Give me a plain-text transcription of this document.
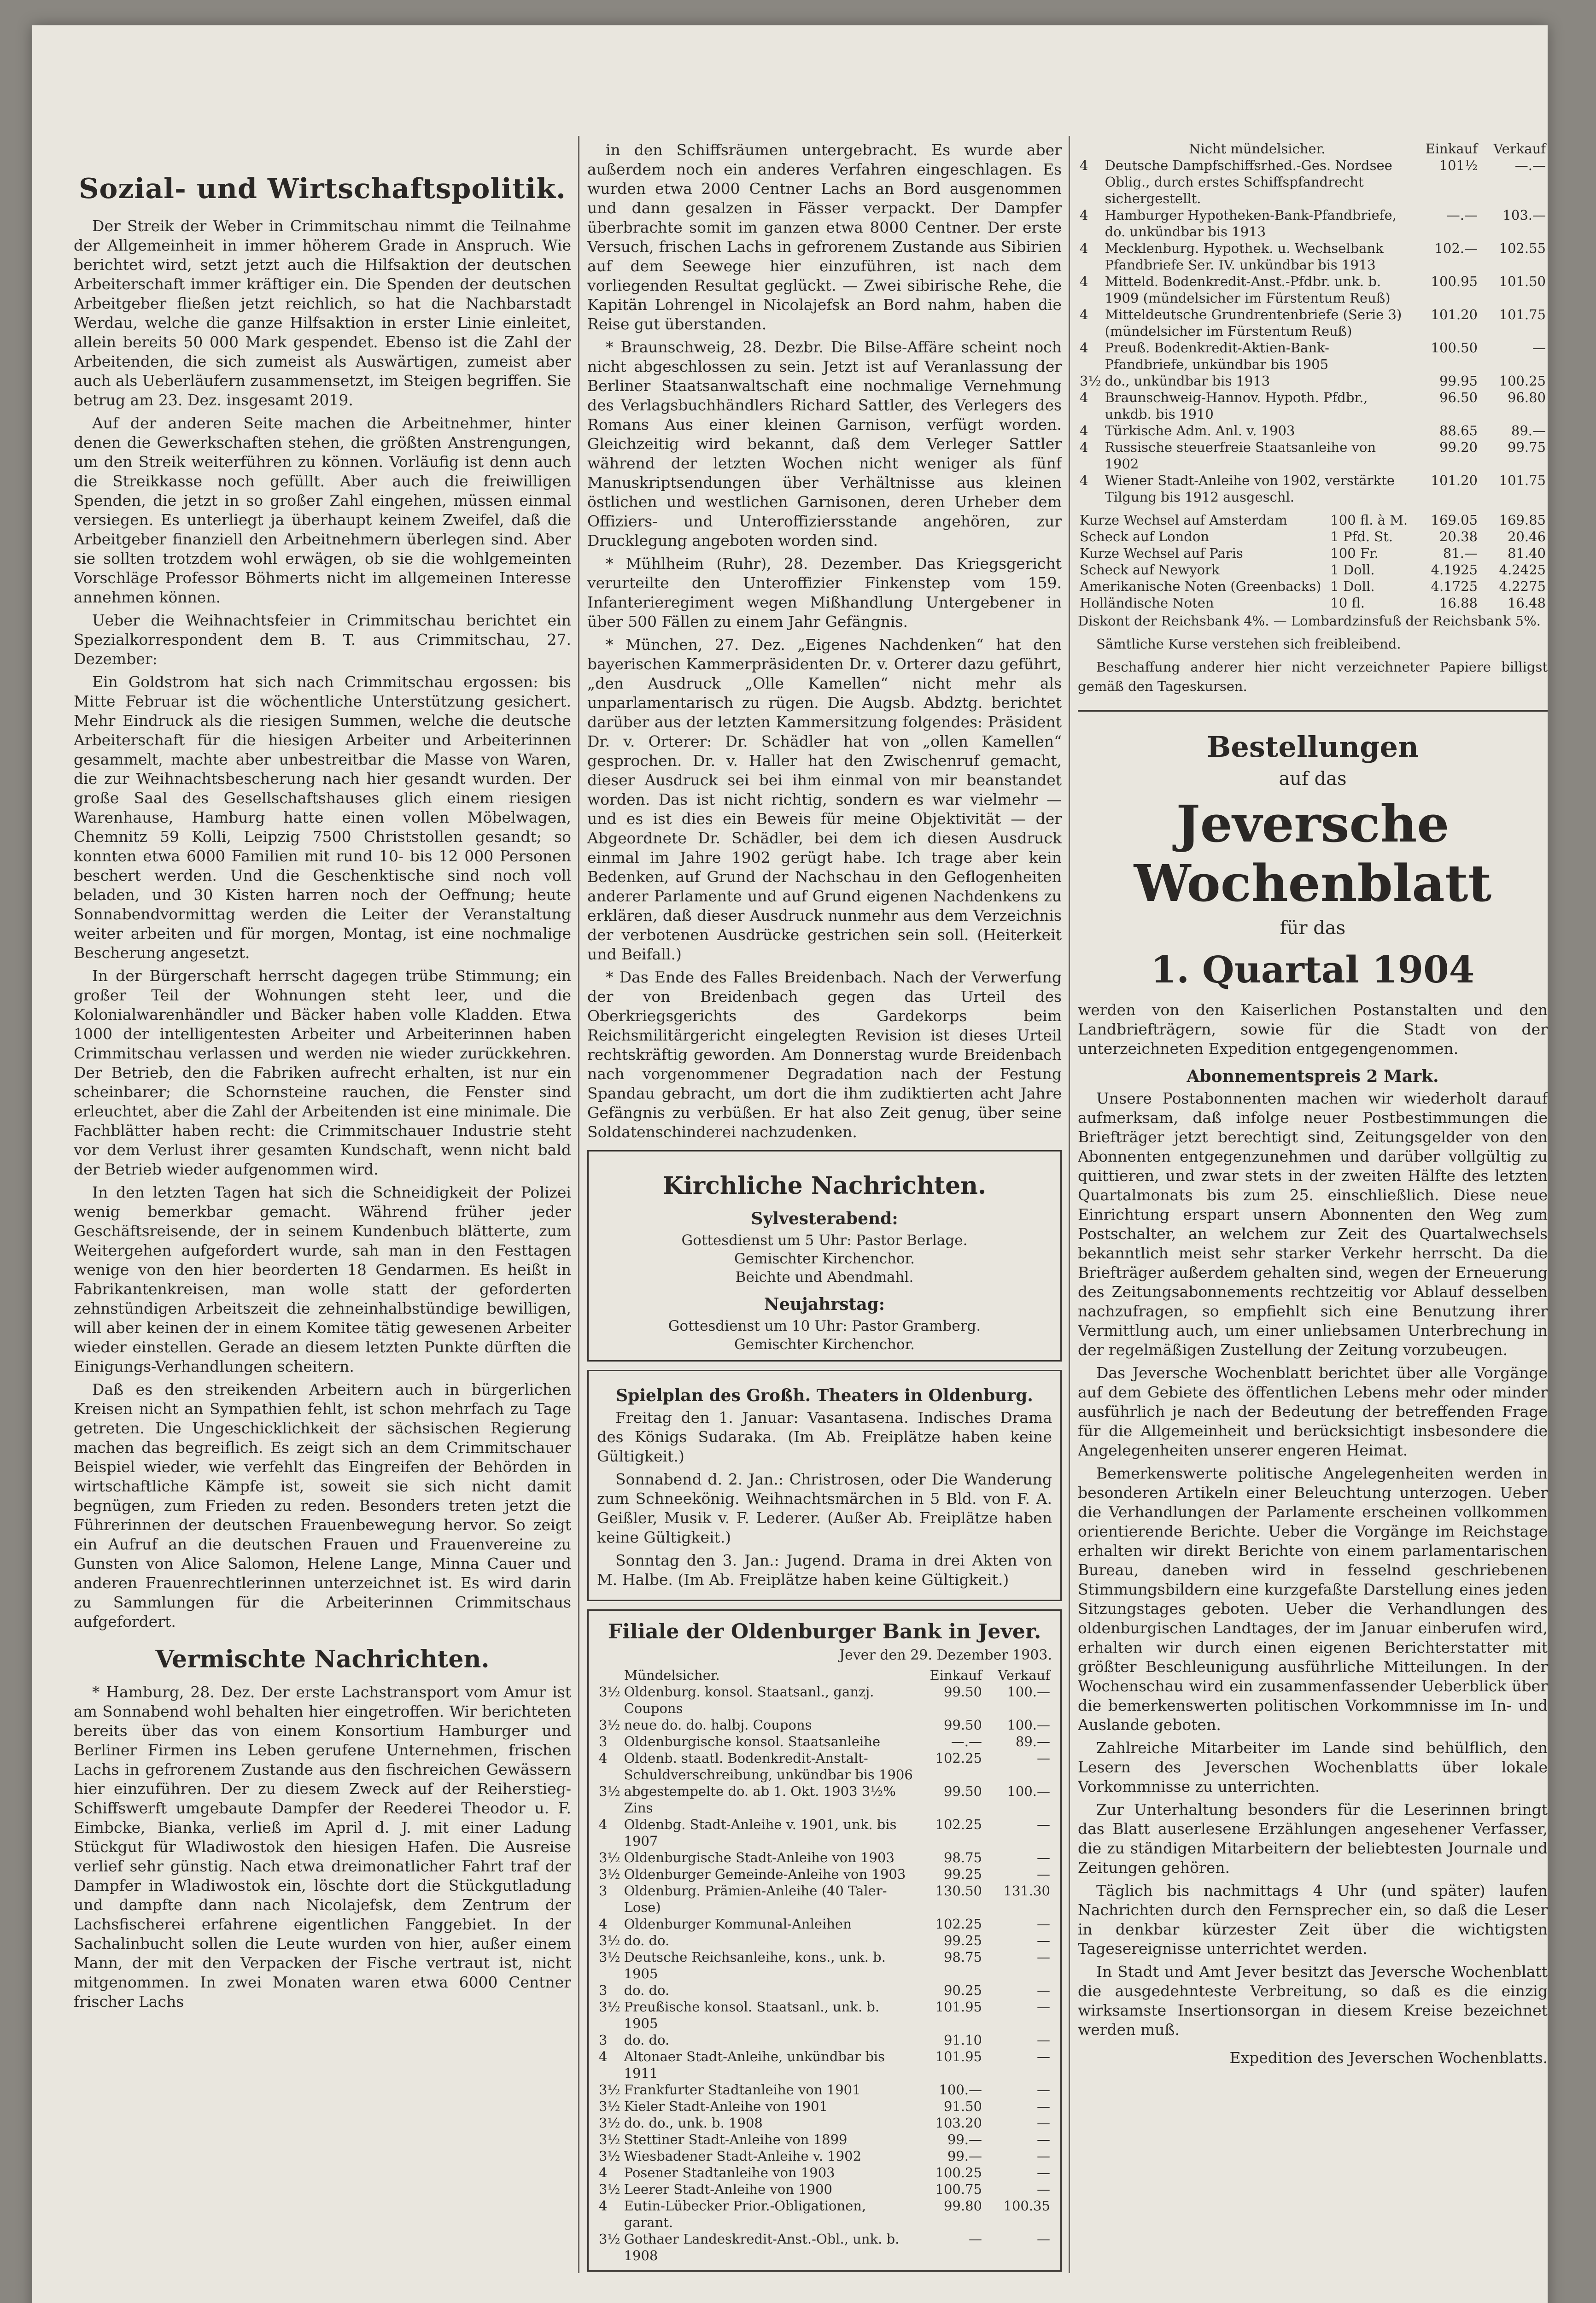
Sozial- und Wirtschaftspolitik.

Der Streik der Weber in Crimmitschau nimmt die Teilnahme der Allgemeinheit in immer höherem Grade in Anspruch. Wie berichtet wird, setzt jetzt auch die Hilfsaktion der deutschen Arbeiterschaft immer kräftiger ein. Die Spenden der deutschen Arbeitgeber fließen jetzt reichlich, so hat die Nachbarstadt Werdau, welche die ganze Hilfsaktion in erster Linie einleitet, allein bereits 50 000 Mark gespendet. Ebenso ist die Zahl der Arbeitenden, die sich zumeist als Auswärtigen, zumeist aber auch als Ueberläufern zusammensetzt, im Steigen begriffen. Sie betrug am 23. Dez. insgesamt 2019.

Auf der anderen Seite machen die Arbeitnehmer, hinter denen die Gewerkschaften stehen, die größten Anstrengungen, um den Streik weiterführen zu können. Vorläufig ist denn auch die Streikkasse noch gefüllt. Aber auch die freiwilligen Spenden, die jetzt in so großer Zahl eingehen, müssen einmal versiegen. Es unterliegt ja überhaupt keinem Zweifel, daß die Arbeitgeber finanziell den Arbeitnehmern überlegen sind. Aber sie sollten trotzdem wohl erwägen, ob sie die wohlgemeinten Vorschläge Professor Böhmerts nicht im allgemeinen Interesse annehmen können.

Ueber die Weihnachtsfeier in Crimmitschau berichtet ein Spezialkorrespondent dem B. T. aus Crimmitschau, 27. Dezember:

Ein Goldstrom hat sich nach Crimmitschau ergossen: bis Mitte Februar ist die wöchentliche Unterstützung gesichert. Mehr Eindruck als die riesigen Summen, welche die deutsche Arbeiterschaft für die hiesigen Arbeiter und Arbeiterinnen gesammelt, machte aber unbestreitbar die Masse von Waren, die zur Weihnachtsbescherung nach hier gesandt wurden. Der große Saal des Gesellschaftshauses glich einem riesigen Warenhause, Hamburg hatte einen vollen Möbelwagen, Chemnitz 59 Kolli, Leipzig 7500 Christstollen gesandt; so konnten etwa 6000 Familien mit rund 10- bis 12 000 Personen beschert werden. Und die Geschenktische sind noch voll beladen, und 30 Kisten harren noch der Oeffnung; heute Sonnabendvormittag werden die Leiter der Veranstaltung weiter arbeiten und für morgen, Montag, ist eine nochmalige Bescherung angesetzt.

In der Bürgerschaft herrscht dagegen trübe Stimmung; ein großer Teil der Wohnungen steht leer, und die Kolonialwarenhändler und Bäcker haben volle Kladden. Etwa 1000 der intelligentesten Arbeiter und Arbeiterinnen haben Crimmitschau verlassen und werden nie wieder zurückkehren. Der Betrieb, den die Fabriken aufrecht erhalten, ist nur ein scheinbarer; die Schornsteine rauchen, die Fenster sind erleuchtet, aber die Zahl der Arbeitenden ist eine minimale. Die Fachblätter haben recht: die Crimmitschauer Industrie steht vor dem Verlust ihrer gesamten Kundschaft, wenn nicht bald der Betrieb wieder aufgenommen wird.

In den letzten Tagen hat sich die Schneidigkeit der Polizei wenig bemerkbar gemacht. Während früher jeder Geschäftsreisende, der in seinem Kundenbuch blätterte, zum Weitergehen aufgefordert wurde, sah man in den Festtagen wenige von den hier beorderten 18 Gendarmen. Es heißt in Fabrikantenkreisen, man wolle statt der geforderten zehnstündigen Arbeitszeit die zehneinhalbstündige bewilligen, will aber keinen der in einem Komitee tätig gewesenen Arbeiter wieder einstellen. Gerade an diesem letzten Punkte dürften die Einigungs-Verhandlungen scheitern.

Daß es den streikenden Arbeitern auch in bürgerlichen Kreisen nicht an Sympathien fehlt, ist schon mehrfach zu Tage getreten. Die Ungeschicklichkeit der sächsischen Regierung machen das begreiflich. Es zeigt sich an dem Crimmitschauer Beispiel wieder, wie verfehlt das Eingreifen der Behörden in wirtschaftliche Kämpfe ist, soweit sie sich nicht damit begnügen, zum Frieden zu reden. Besonders treten jetzt die Führerinnen der deutschen Frauenbewegung hervor. So zeigt ein Aufruf an die deutschen Frauen und Frauenvereine zu Gunsten von Alice Salomon, Helene Lange, Minna Cauer und anderen Frauenrechtlerinnen unterzeichnet ist. Es wird darin zu Sammlungen für die Arbeiterinnen Crimmitschaus aufgefordert.

Vermischte Nachrichten.

* Hamburg, 28. Dez. Der erste Lachstransport vom Amur ist am Sonnabend wohl behalten hier eingetroffen. Wir berichteten bereits über das von einem Konsortium Hamburger und Berliner Firmen ins Leben gerufene Unternehmen, frischen Lachs in gefrorenem Zustande aus den fischreichen Gewässern hier einzuführen. Der zu diesem Zweck auf der Reiherstieg-Schiffswerft umgebaute Dampfer der Reederei Theodor u. F. Eimbcke, Bianka, verließ im April d. J. mit einer Ladung Stückgut für Wladiwostok den hiesigen Hafen. Die Ausreise verlief sehr günstig. Nach etwa dreimonatlicher Fahrt traf der Dampfer in Wladiwostok ein, löschte dort die Stückgutladung und dampfte dann nach Nicolajefsk, dem Zentrum der Lachsfischerei erfahrene eigentlichen Fanggebiet. In der Sachalinbucht sollen die Leute wurden von hier, außer einem Mann, der mit den Verpacken der Fische vertraut ist, nicht mitgenommen. In zwei Monaten waren etwa 6000 Centner frischer Lachs

in den Schiffsräumen untergebracht. Es wurde aber außerdem noch ein anderes Verfahren eingeschlagen. Es wurden etwa 2000 Centner Lachs an Bord ausgenommen und dann gesalzen in Fässer verpackt. Der Dampfer überbrachte somit im ganzen etwa 8000 Centner. Der erste Versuch, frischen Lachs in gefrorenem Zustande aus Sibirien auf dem Seewege hier einzuführen, ist nach dem vorliegenden Resultat geglückt. — Zwei sibirische Rehe, die Kapitän Lohrengel in Nicolajefsk an Bord nahm, haben die Reise gut überstanden.

* Braunschweig, 28. Dezbr. Die Bilse-Affäre scheint noch nicht abgeschlossen zu sein. Jetzt ist auf Veranlassung der Berliner Staatsanwaltschaft eine nochmalige Vernehmung des Verlagsbuchhändlers Richard Sattler, des Verlegers des Romans Aus einer kleinen Garnison, verfügt worden. Gleichzeitig wird bekannt, daß dem Verleger Sattler während der letzten Wochen nicht weniger als fünf Manuskriptsendungen über Verhältnisse aus kleinen östlichen und westlichen Garnisonen, deren Urheber dem Offiziers- und Unteroffiziersstande angehören, zur Drucklegung angeboten worden sind.

* Mühlheim (Ruhr), 28. Dezember. Das Kriegsgericht verurteilte den Unteroffizier Finkenstep vom 159. Infanterieregiment wegen Mißhandlung Untergebener in über 500 Fällen zu einem Jahr Gefängnis.

* München, 27. Dez. „Eigenes Nachdenken“ hat den bayerischen Kammerpräsidenten Dr. v. Orterer dazu geführt, „den Ausdruck „Olle Kamellen“ nicht mehr als unparlamentarisch zu rügen. Die Augsb. Abdztg. berichtet darüber aus der letzten Kammersitzung folgendes: Präsident Dr. v. Orterer: Dr. Schädler hat von „ollen Kamellen“ gesprochen. Dr. v. Haller hat den Zwischenruf gemacht, dieser Ausdruck sei bei ihm einmal von mir beanstandet worden. Das ist nicht richtig, sondern es war vielmehr — und es ist dies ein Beweis für meine Objektivität — der Abgeordnete Dr. Schädler, bei dem ich diesen Ausdruck einmal im Jahre 1902 gerügt habe. Ich trage aber kein Bedenken, auf Grund der Nachschau in den Geflogenheiten anderer Parlamente und auf Grund eigenen Nachdenkens zu erklären, daß dieser Ausdruck nunmehr aus dem Verzeichnis der verbotenen Ausdrücke gestrichen sein soll. (Heiterkeit und Beifall.)

* Das Ende des Falles Breidenbach. Nach der Verwerfung der von Breidenbach gegen das Urteil des Oberkriegsgerichts des Gardekorps beim Reichsmilitärgericht eingelegten Revision ist dieses Urteil rechtskräftig geworden. Am Donnerstag wurde Breidenbach nach vorgenommener Degradation nach der Festung Spandau gebracht, um dort die ihm zudiktierten acht Jahre Gefängnis zu verbüßen. Er hat also Zeit genug, über seine Soldatenschinderei nachzudenken.

Kirchliche Nachrichten.
Sylvesterabend:

Gottesdienst um 5 Uhr: Pastor Berlage.

Gemischter Kirchenchor.

Beichte und Abendmahl.

Neujahrstag:

Gottesdienst um 10 Uhr: Pastor Gramberg.

Gemischter Kirchenchor.

Spielplan des Großh. Theaters in Oldenburg.

Freitag den 1. Januar: Vasantasena. Indisches Drama des Königs Sudaraka. (Im Ab. Freiplätze haben keine Gültigkeit.)

Sonnabend d. 2. Jan.: Christrosen, oder Die Wanderung zum Schneekönig. Weihnachtsmärchen in 5 Bld. von F. A. Geißler, Musik v. F. Lederer. (Außer Ab. Freiplätze haben keine Gültigkeit.)

Sonntag den 3. Jan.: Jugend. Drama in drei Akten von M. Halbe. (Im Ab. Freiplätze haben keine Gültigkeit.)

Filiale der Oldenburger Bank in Jever.
Jever den 29. Dezember 1903.
	Mündelsicher.	Einkauf	Verkauf
3½	Oldenburg. konsol. Staatsanl., ganzj. Coupons	99.50	100.—
3½	neue do. do. halbj. Coupons	99.50	100.—
3	Oldenburgische konsol. Staatsanleihe	—.—	89.—
4	Oldenb. staatl. Bodenkredit-Anstalt-Schuldverschreibung, unkündbar bis 1906	102.25	—
3½	abgestempelte do. ab 1. Okt. 1903 3½% Zins	99.50	100.—
4	Oldenbg. Stadt-Anleihe v. 1901, unk. bis 1907	102.25	—
3½	Oldenburgische Stadt-Anleihe von 1903	98.75	—
3½	Oldenburger Gemeinde-Anleihe von 1903	99.25	—
3	Oldenburg. Prämien-Anleihe (40 Taler-Lose)	130.50	131.30
4	Oldenburger Kommunal-Anleihen	102.25	—
3½	do. do.	99.25	—
3½	Deutsche Reichsanleihe, kons., unk. b. 1905	98.75	—
3	do. do.	90.25	—
3½	Preußische konsol. Staatsanl., unk. b. 1905	101.95	—
3	do. do.	91.10	—
4	Altonaer Stadt-Anleihe, unkündbar bis 1911	101.95	—
3½	Frankfurter Stadtanleihe von 1901	100.—	—
3½	Kieler Stadt-Anleihe von 1901	91.50	—
3½	do. do., unk. b. 1908	103.20	—
3½	Stettiner Stadt-Anleihe von 1899	99.—	—
3½	Wiesbadener Stadt-Anleihe v. 1902	99.—	—
4	Posener Stadtanleihe von 1903	100.25	—
3½	Leerer Stadt-Anleihe von 1900	100.75	—
4	Eutin-Lübecker Prior.-Obligationen, garant.	99.80	100.35
3½	Gothaer Landeskredit-Anst.-Obl., unk. b. 1908	—	—
	Nicht mündelsicher.	Einkauf	Verkauf
4	Deutsche Dampfschiffsrhed.-Ges. Nordsee Oblig., durch erstes Schiffspfandrecht sichergestellt.	101½	—.—
4	Hamburger Hypotheken-Bank-Pfandbriefe, do. unkündbar bis 1913	—.—	103.—
4	Mecklenburg. Hypothek. u. Wechselbank Pfandbriefe Ser. IV. unkündbar bis 1913	102.—	102.55
4	Mitteld. Bodenkredit-Anst.-Pfdbr. unk. b. 1909 (mündelsicher im Fürstentum Reuß)	100.95	101.50
4	Mitteldeutsche Grundrentenbriefe (Serie 3) (mündelsicher im Fürstentum Reuß)	101.20	101.75
4	Preuß. Bodenkredit-Aktien-Bank-Pfandbriefe, unkündbar bis 1905	100.50	—
3½	do., unkündbar bis 1913	99.95	100.25
4	Braunschweig-Hannov. Hypoth. Pfdbr., unkdb. bis 1910	96.50	96.80
4	Türkische Adm. Anl. v. 1903	88.65	89.—
4	Russische steuerfreie Staatsanleihe von 1902	99.20	99.75
4	Wiener Stadt-Anleihe von 1902, verstärkte Tilgung bis 1912 ausgeschl.	101.20	101.75
Kurze Wechsel auf Amsterdam	100 fl. à M.	169.05	169.85
Scheck auf London	1 Pfd. St.	20.38	20.46
Kurze Wechsel auf Paris	100 Fr.	81.—	81.40
Scheck auf Newyork	1 Doll.	4.1925	4.2425
Amerikanische Noten (Greenbacks)	1 Doll.	4.1725	4.2275
Holländische Noten	10 fl.	16.88	16.48

Diskont der Reichsbank 4%. — Lombardzinsfuß der Reichsbank 5%.

Sämtliche Kurse verstehen sich freibleibend.

Beschaffung anderer hier nicht verzeichneter Papiere billigst gemäß den Tageskursen.

Bestellungen
auf das
Jeversche Wochenblatt
für das
1. Quartal 1904

werden von den Kaiserlichen Postanstalten und den Landbriefträgern, sowie für die Stadt von der unterzeichneten Expedition entgegengenommen.

Abonnementspreis 2 Mark.

Unsere Postabonnenten machen wir wiederholt darauf aufmerksam, daß infolge neuer Postbestimmungen die Briefträger jetzt berechtigt sind, Zeitungsgelder von den Abonnenten entgegenzunehmen und darüber vollgültig zu quittieren, und zwar stets in der zweiten Hälfte des letzten Quartalmonats bis zum 25. einschließlich. Diese neue Einrichtung erspart unsern Abonnenten den Weg zum Postschalter, an welchem zur Zeit des Quartalwechsels bekanntlich meist sehr starker Verkehr herrscht. Da die Briefträger außerdem gehalten sind, wegen der Erneuerung des Zeitungsabonnements rechtzeitig vor Ablauf desselben nachzufragen, so empfiehlt sich eine Benutzung ihrer Vermittlung auch, um einer unliebsamen Unterbrechung in der regelmäßigen Zustellung der Zeitung vorzubeugen.

Das Jeversche Wochenblatt berichtet über alle Vorgänge auf dem Gebiete des öffentlichen Lebens mehr oder minder ausführlich je nach der Bedeutung der betreffenden Frage für die Allgemeinheit und berücksichtigt insbesondere die Angelegenheiten unserer engeren Heimat.

Bemerkenswerte politische Angelegenheiten werden in besonderen Artikeln einer Beleuchtung unterzogen. Ueber die Verhandlungen der Parlamente erscheinen vollkommen orientierende Berichte. Ueber die Vorgänge im Reichstage erhalten wir direkt Berichte von einem parlamentarischen Bureau, daneben wird in fesselnd geschriebenen Stimmungsbildern eine kurzgefaßte Darstellung eines jeden Sitzungstages geboten. Ueber die Verhandlungen des oldenburgischen Landtages, der im Januar einberufen wird, erhalten wir durch einen eigenen Berichterstatter mit größter Beschleunigung ausführliche Mitteilungen. In der Wochenschau wird ein zusammenfassender Ueberblick über die bemerkenswerten politischen Vorkommnisse im In- und Auslande geboten.

Zahlreiche Mitarbeiter im Lande sind behülflich, den Lesern des Jeverschen Wochenblatts über lokale Vorkommnisse zu unterrichten.

Zur Unterhaltung besonders für die Leserinnen bringt das Blatt auserlesene Erzählungen angesehener Verfasser, die zu ständigen Mitarbeitern der beliebtesten Journale und Zeitungen gehören.

Täglich bis nachmittags 4 Uhr (und später) laufen Nachrichten durch den Fernsprecher ein, so daß die Leser in denkbar kürzester Zeit über die wichtigsten Tagesereignisse unterrichtet werden.

In Stadt und Amt Jever besitzt das Jeversche Wochenblatt die ausgedehnteste Verbreitung, so daß es die einzig wirksamste Insertionsorgan in diesem Kreise bezeichnet werden muß.

Expedition des Jeverschen Wochenblatts.
